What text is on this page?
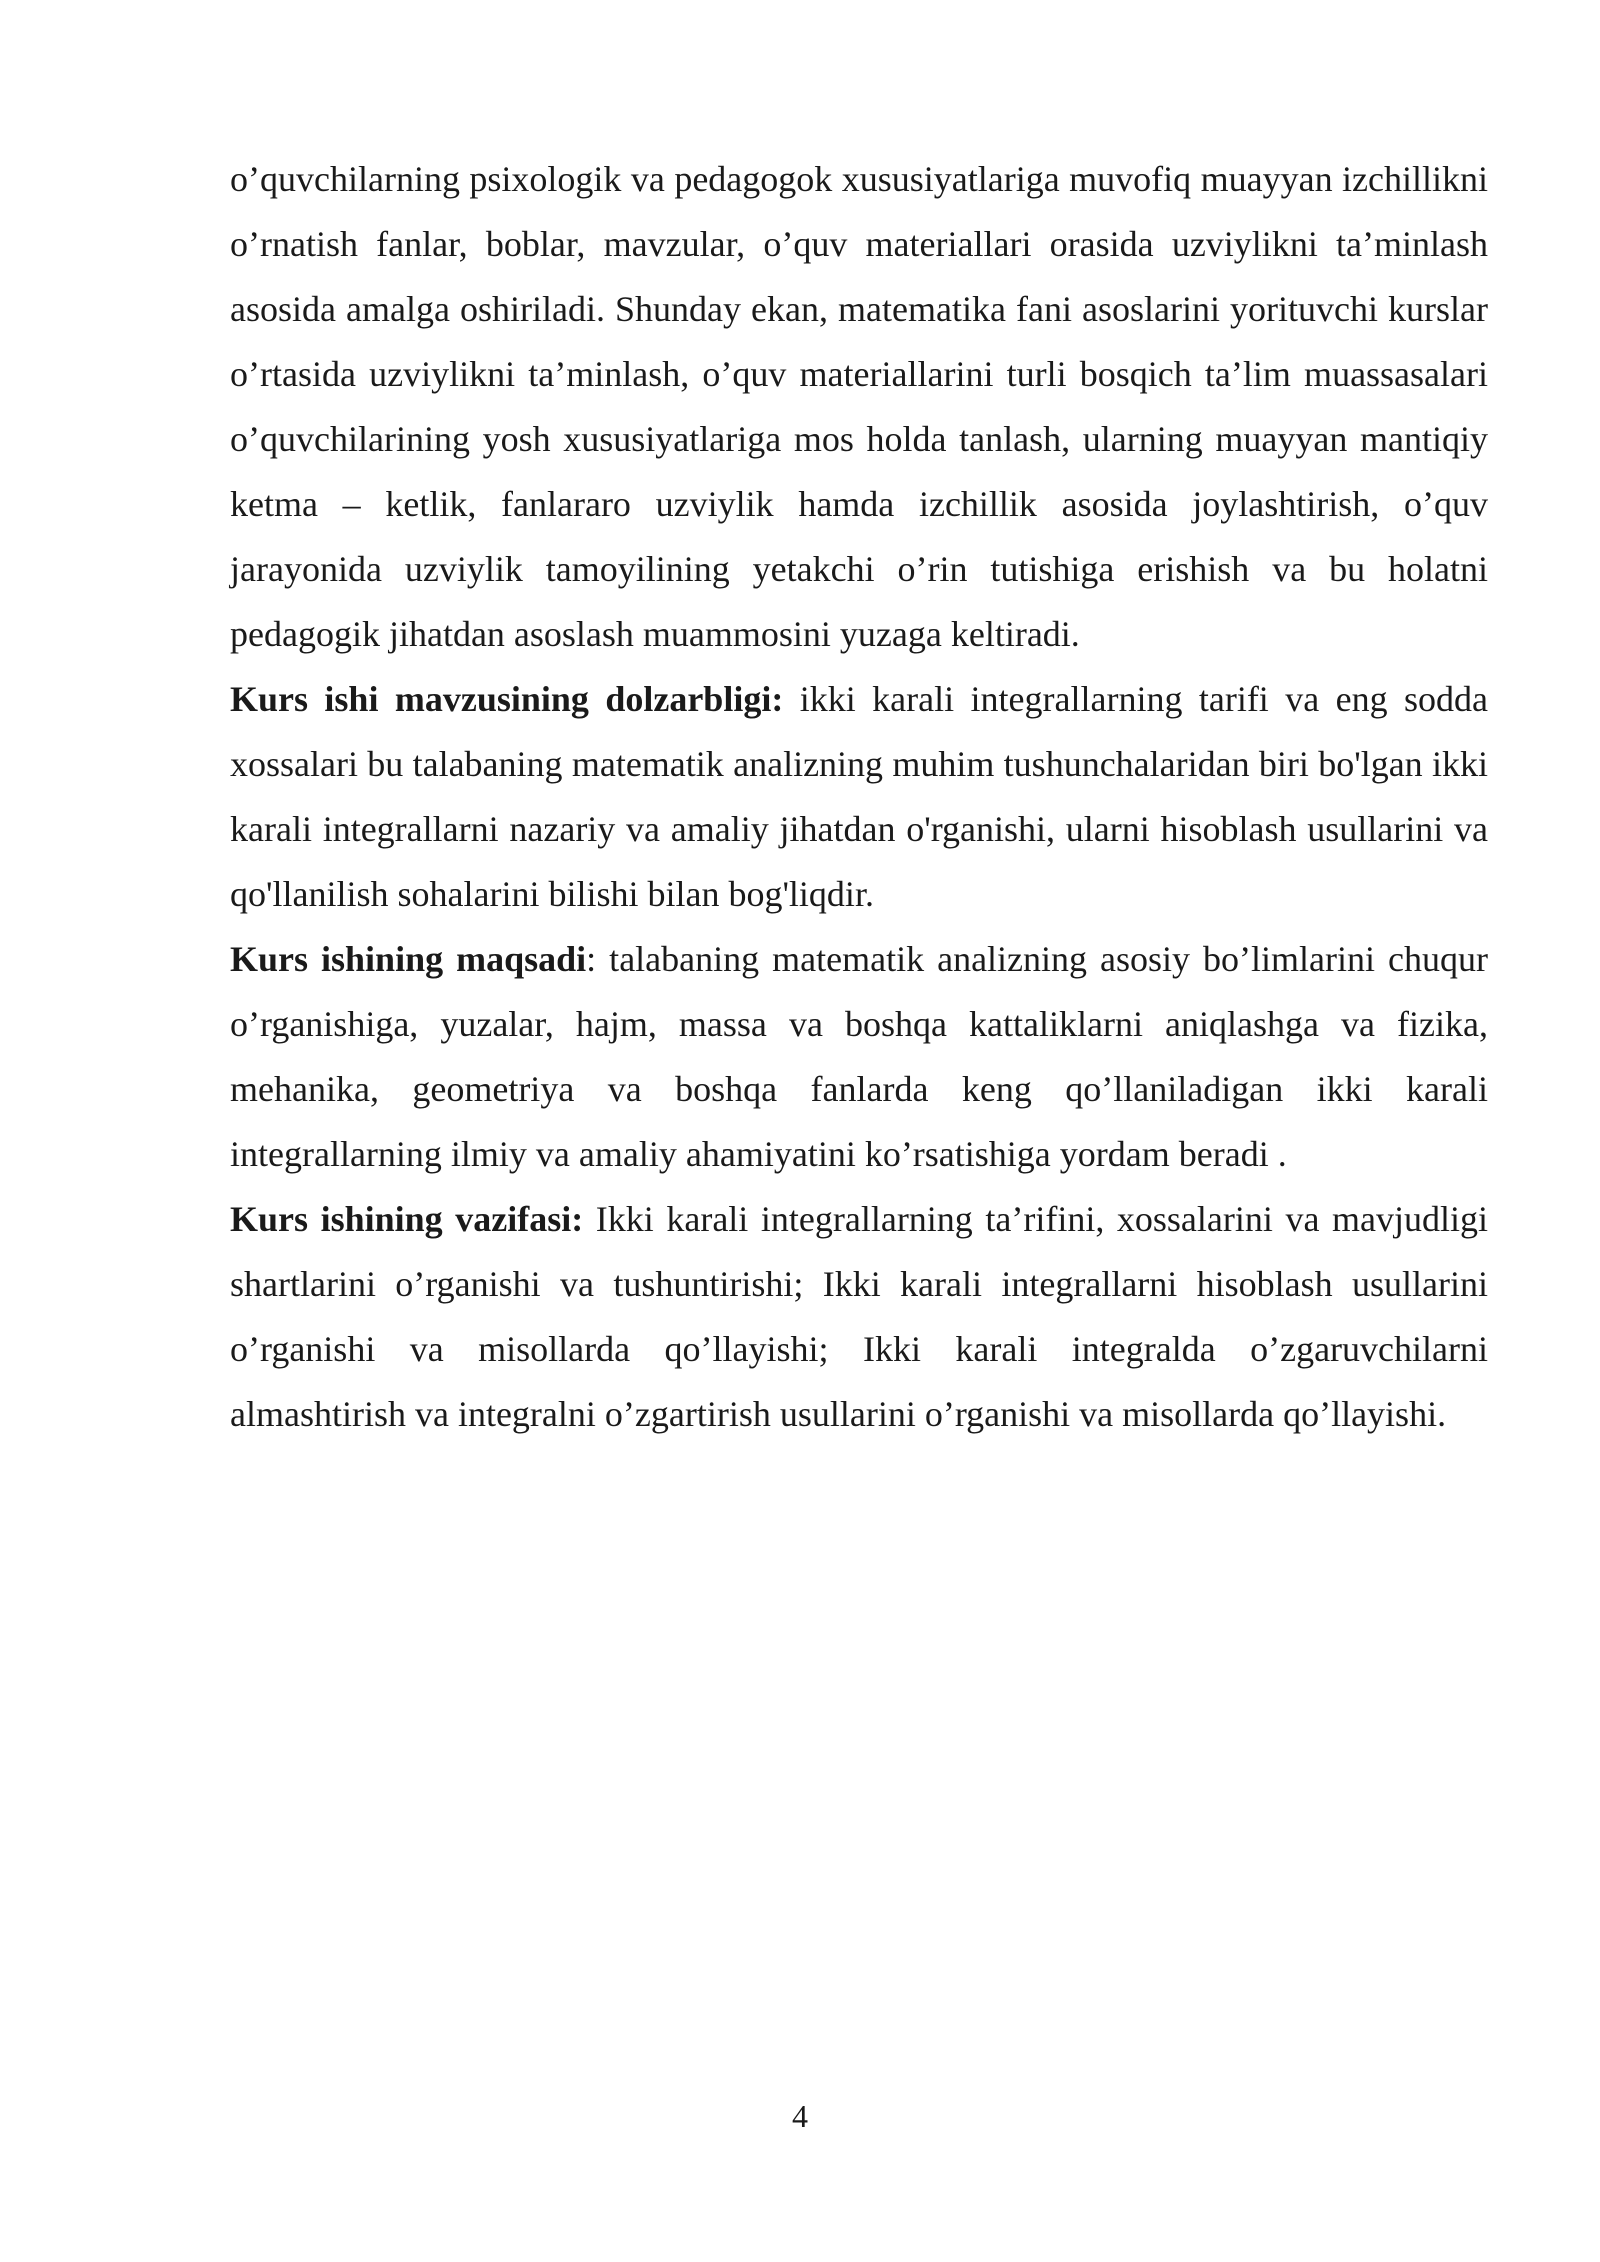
o’quvchilarning psixologik va pedagogok xususiyatlariga muvofiq muayyan izchillikni o’rnatish fanlar, boblar, mavzular, o’quv materiallari orasida uzviylikni ta’minlash asosida amalga oshiriladi. Shunday ekan, matematika fani asoslarini yorituvchi kurslar o’rtasida uzviylikni ta’minlash, o’quv materiallarini turli bosqich ta’lim muassasalari o’quvchilarining yosh xususiyatlariga mos holda tanlash, ularning muayyan mantiqiy ketma – ketlik, fanlararo uzviylik hamda izchillik asosida joylashtirish, o’quv jarayonida uzviylik tamoyilining yetakchi o’rin tutishiga erishish va bu holatni pedagogik jihatdan asoslash muammosini yuzaga keltiradi.

Kurs ishi mavzusining dolzarbligi: ikki karali integrallarning tarifi va eng sodda xossalari bu talabaning matematik analizning muhim tushunchalaridan biri bo'lgan ikki karali integrallarni nazariy va amaliy jihatdan o'rganishi, ularni hisoblash usullarini va qo'llanilish sohalarini bilishi bilan bog'liqdir.

Kurs ishining maqsadi: talabaning matematik analizning asosiy bo’limlarini chuqur o’rganishiga, yuzalar, hajm, massa va boshqa kattaliklarni aniqlashga va fizika, mehanika, geometriya va boshqa fanlarda keng qo’llaniladigan ikki karali integrallarning ilmiy va amaliy ahamiyatini ko’rsatishiga yordam beradi .

Kurs ishining vazifasi: Ikki karali integrallarning ta’rifini, xossalarini va mavjudligi shartlarini o’rganishi va tushuntirishi; Ikki karali integrallarni hisoblash usullarini o’rganishi va misollarda qo’llayishi; Ikki karali integralda o’zgaruvchilarni almashtirish va integralni o’zgartirish usullarini o’rganishi va misollarda qo’llayishi.

4
